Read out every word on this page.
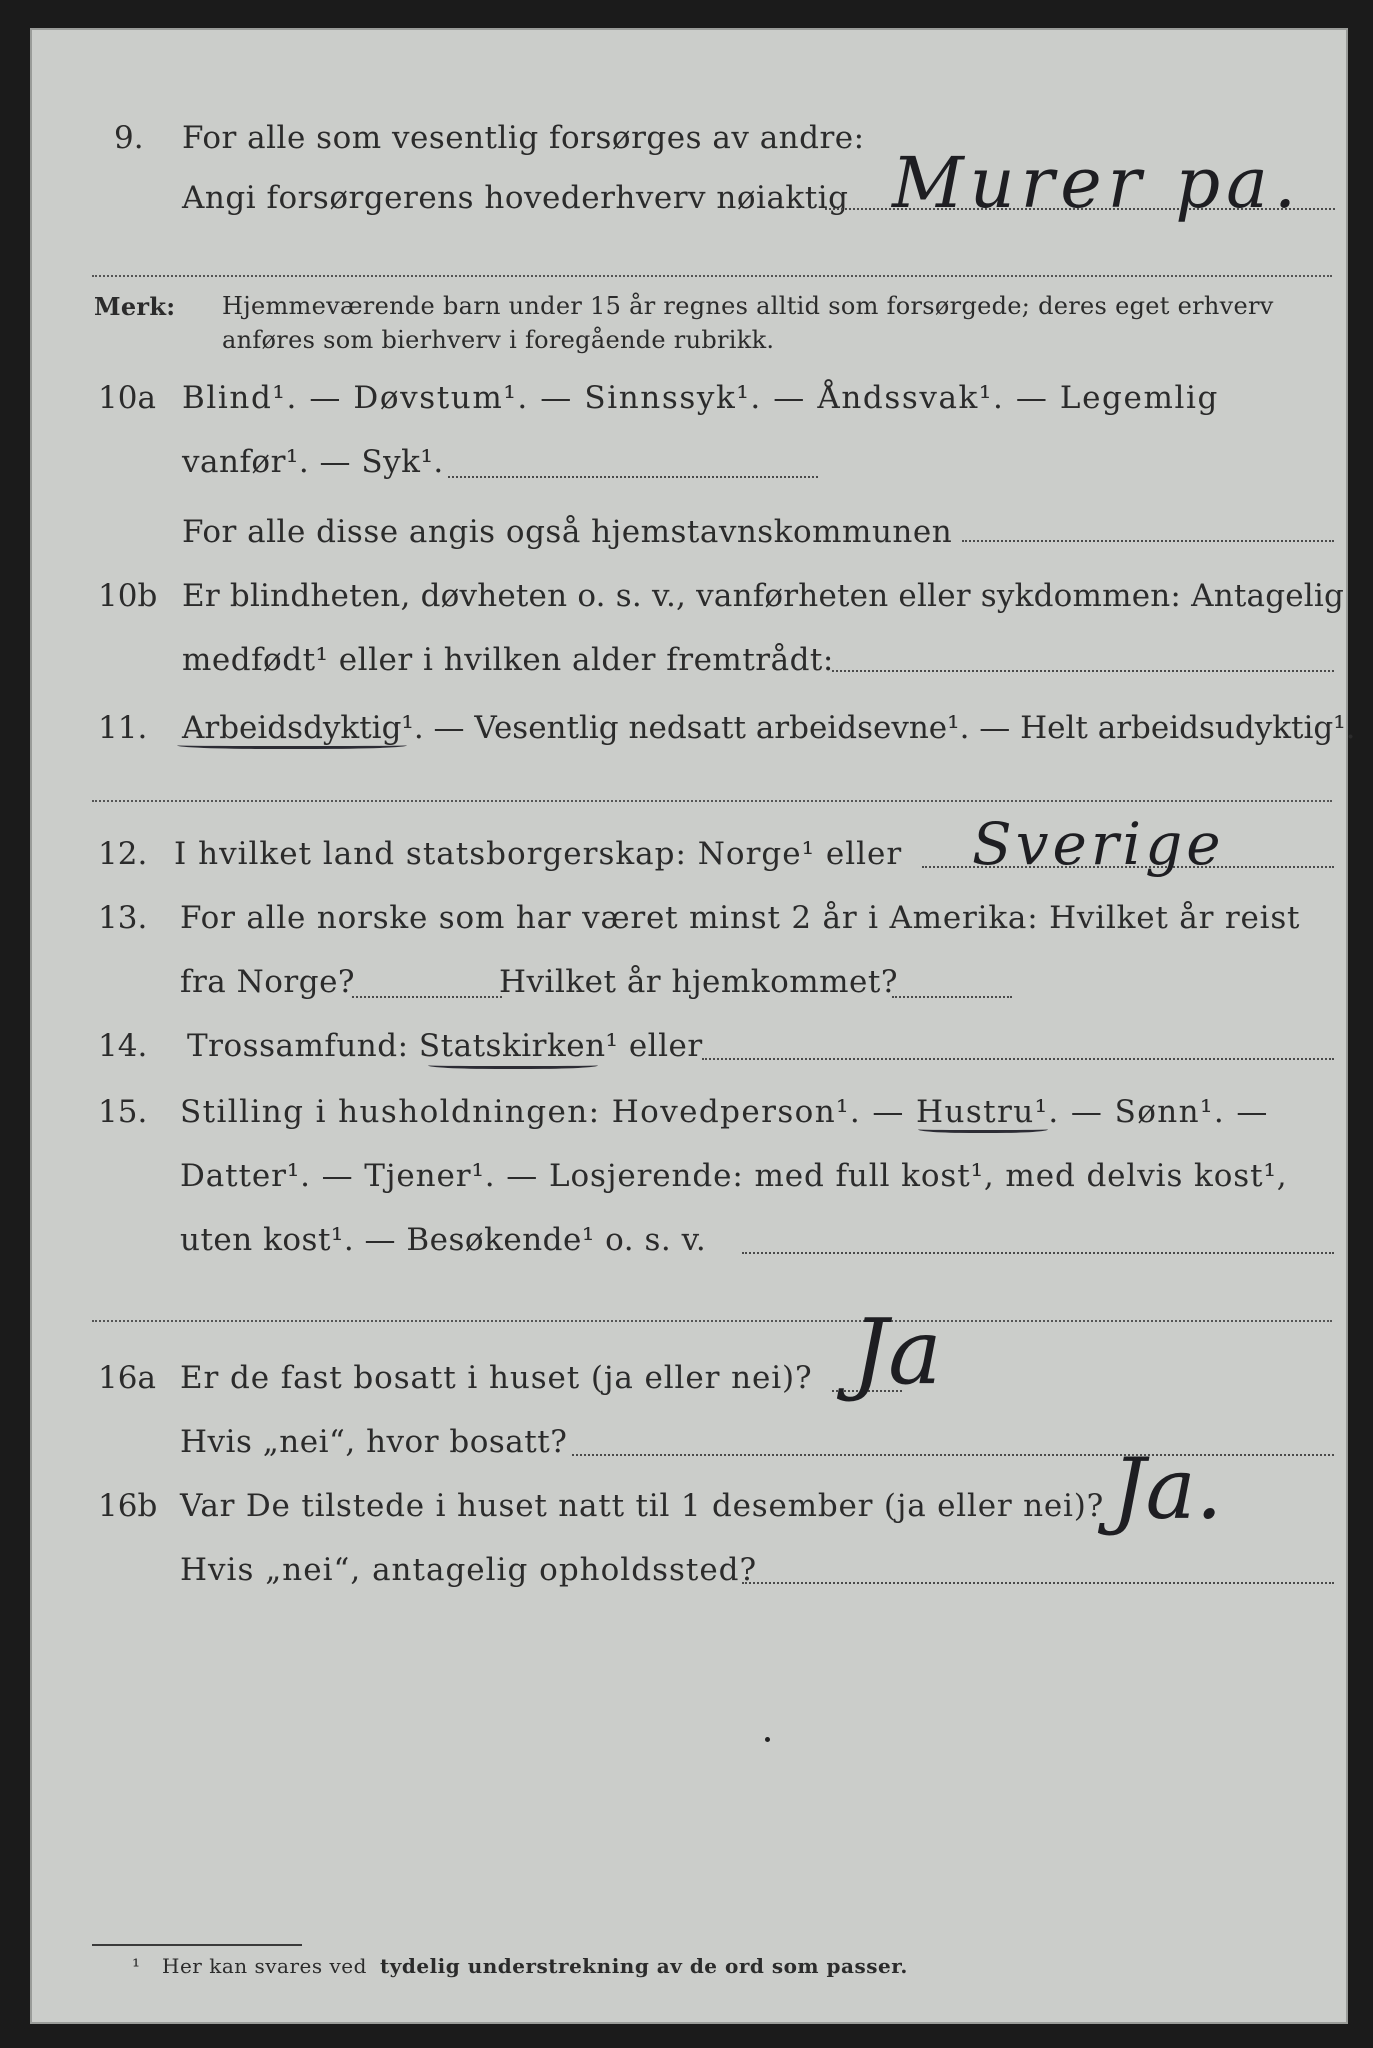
9. For alle som vesentlig forsørges av andre:
Angi forsørgerens hovederhverv nøiaktig Murer pa.
Merk: Hjemmeværende barn under 15 år regnes alltid som forsørgede; deres eget erhverv
anføres som bierhverv i foregående rubrikk.
10a Blind¹. — Døvstum¹. — Sinnssyk¹. — Åndssvak¹. — Legemlig
vanfør¹. — Syk¹.
For alle disse angis også hjemstavnskommunen
10b Er blindheten, døvheten o. s. v., vanførheten eller sykdommen: Antagelig
medfødt¹ eller i hvilken alder fremtrådt:
11. Arbeidsdyktig¹. — Vesentlig nedsatt arbeidsevne¹. — Helt arbeidsudyktig¹.
12. I hvilket land statsborgerskap: Norge¹ eller Sverige
13. For alle norske som har været minst 2 år i Amerika: Hvilket år reist
fra Norge?	Hvilket år hjemkommet?
14. Trossamfund: Statskirken¹ eller
15. Stilling i husholdningen: Hovedperson¹. — Hustru¹. — Sønn¹. —
Datter¹. — Tjener¹. — Losjerende: med full kost¹, med delvis kost¹,
uten kost¹. — Besøkende¹ o. s. v.
16a Er de fast bosatt i huset (ja eller nei)? Ja
Hvis „nei“, hvor bosatt?
16b Var De tilstede i huset natt til 1 desember (ja eller nei)? Ja.
Hvis „nei“, antagelig opholdssted?
¹ Her kan svares ved tydelig understrekning av de ord som passer.
